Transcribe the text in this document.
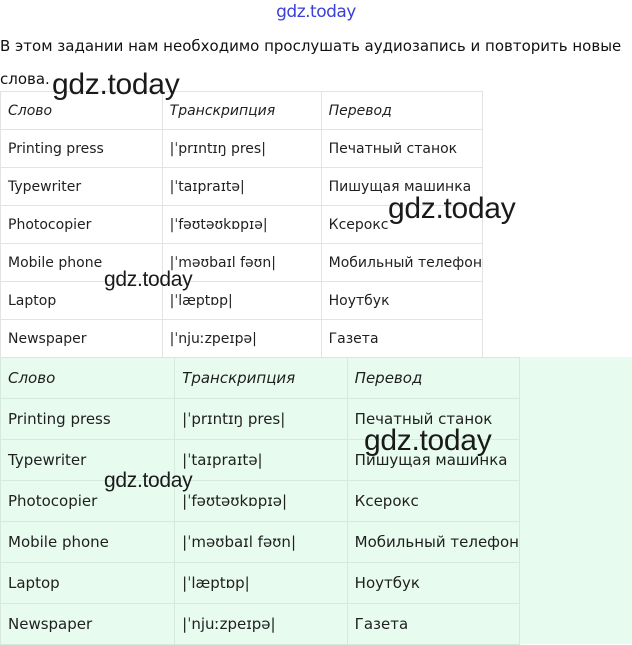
gdz.today
В этом задании нам необходимо прослушать аудиозапись и повторить новые слова.
Слово	Транскрипция	Перевод
Printing press	|ˈprɪntɪŋ pres|	Печатный станок
Typewriter	|ˈtaɪpraɪtə|	Пишущая машинка
Photocopier	|ˈfəʊtəʊkɒpɪə|	Ксерокс
Mobile phone	|ˈməʊbaɪl fəʊn|	Мобильный телефон
Laptop	|ˈlæptɒp|	Ноутбук
Newspaper	|ˈnjuːzpeɪpə|	Газета
Слово	Транскрипция	Перевод
Printing press	|ˈprɪntɪŋ pres|	Печатный станок
Typewriter	|ˈtaɪpraɪtə|	Пишущая машинка
Photocopier	|ˈfəʊtəʊkɒpɪə|	Ксерокс
Mobile phone	|ˈməʊbaɪl fəʊn|	Мобильный телефон
Laptop	|ˈlæptɒp|	Ноутбук
Newspaper	|ˈnjuːzpeɪpə|	Газета
gdz.today
gdz.today
gdz.today
gdz.today
gdz.today
